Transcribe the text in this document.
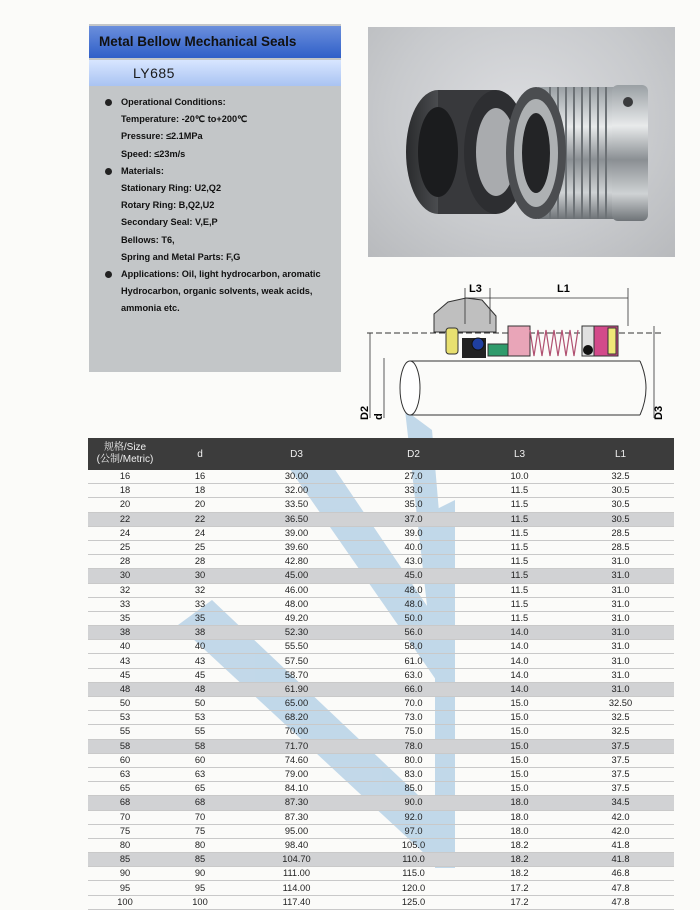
Metal Bellow Mechanical Seals
LY685
Operational Conditions:
Temperature: -20℃ to+200℃
Pressure: ≤2.1MPa
Speed: ≤23m/s
Materials:
Stationary Ring: U2,Q2
Rotary Ring: B,Q2,U2
Secondary Seal: V,E,P
Bellows: T6,
Spring and Metal Parts: F,G
Applications: Oil, light hydrocarbon, aromatic
Hydrocarbon, organic solvents, weak acids,
ammonia etc.
L3	L1
D2 d	D3
规格/Size
(公制/Metric)	d	D3	D2	L3	L1
16	16	30.00	27.0	10.0	32.5
18	18	32.00	33.0	11.5	30.5
20	20	33.50	35.0	11.5	30.5
22	22	36.50	37.0	11.5	30.5
24	24	39.00	39.0	11.5	28.5
25	25	39.60	40.0	11.5	28.5
28	28	42.80	43.0	11.5	31.0
30	30	45.00	45.0	11.5	31.0
32	32	46.00	48.0	11.5	31.0
33	33	48.00	48.0	11.5	31.0
35	35	49.20	50.0	11.5	31.0
38	38	52.30	56.0	14.0	31.0
40	40	55.50	58.0	14.0	31.0
43	43	57.50	61.0	14.0	31.0
45	45	58.70	63.0	14.0	31.0
48	48	61.90	66.0	14.0	31.0
50	50	65.00	70.0	15.0	32.50
53	53	68.20	73.0	15.0	32.5
55	55	70.00	75.0	15.0	32.5
58	58	71.70	78.0	15.0	37.5
60	60	74.60	80.0	15.0	37.5
63	63	79.00	83.0	15.0	37.5
65	65	84.10	85.0	15.0	37.5
68	68	87.30	90.0	18.0	34.5
70	70	87.30	92.0	18.0	42.0
75	75	95.00	97.0	18.0	42.0
80	80	98.40	105.0	18.2	41.8
85	85	104.70	110.0	18.2	41.8
90	90	111.00	115.0	18.2	46.8
95	95	114.00	120.0	17.2	47.8
100	100	117.40	125.0	17.2	47.8
